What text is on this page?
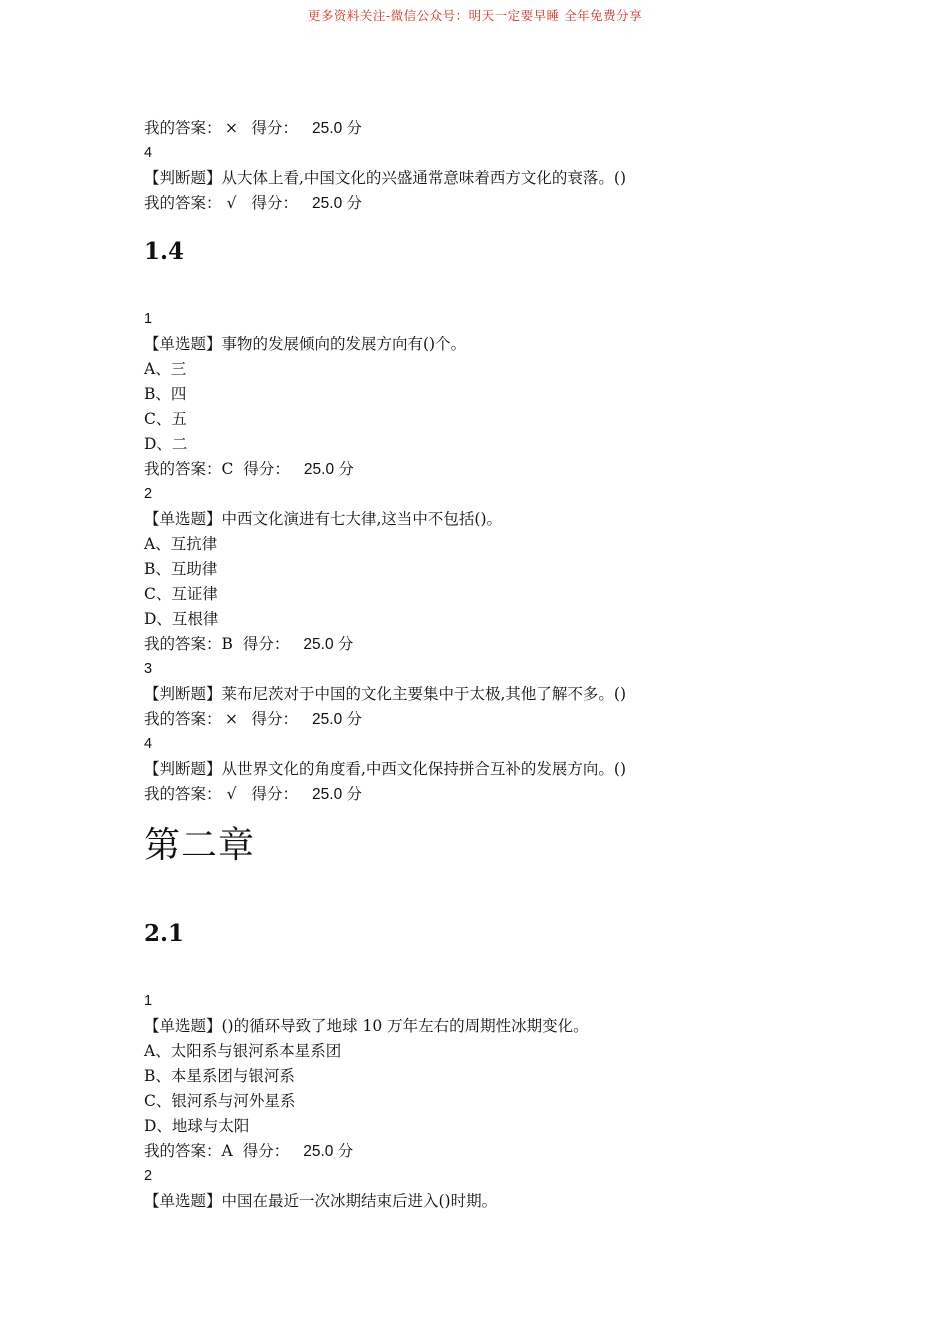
更多资料关注-微信公众号：明天一定要早睡 全年免费分享
我的答案： × 得分： 25.0 分
4
【判断题】从大体上看,中国文化的兴盛通常意味着西方文化的衰落。()
我的答案： √ 得分： 25.0 分
1.4
1
【单选题】事物的发展倾向的发展方向有()个。
A、三
B、四
C、五
D、二
我的答案：C 得分： 25.0 分
2
【单选题】中西文化演进有七大律,这当中不包括()。
A、互抗律
B、互助律
C、互证律
D、互根律
我的答案：B 得分： 25.0 分
3
【判断题】莱布尼茨对于中国的文化主要集中于太极,其他了解不多。()
我的答案： × 得分： 25.0 分
4
【判断题】从世界文化的角度看,中西文化保持拼合互补的发展方向。()
我的答案： √ 得分： 25.0 分
第二章
2.1
1
【单选题】()的循环导致了地球 10 万年左右的周期性冰期变化。
A、太阳系与银河系本星系团
B、本星系团与银河系
C、银河系与河外星系
D、地球与太阳
我的答案：A 得分： 25.0 分
2
【单选题】中国在最近一次冰期结束后进入()时期。
